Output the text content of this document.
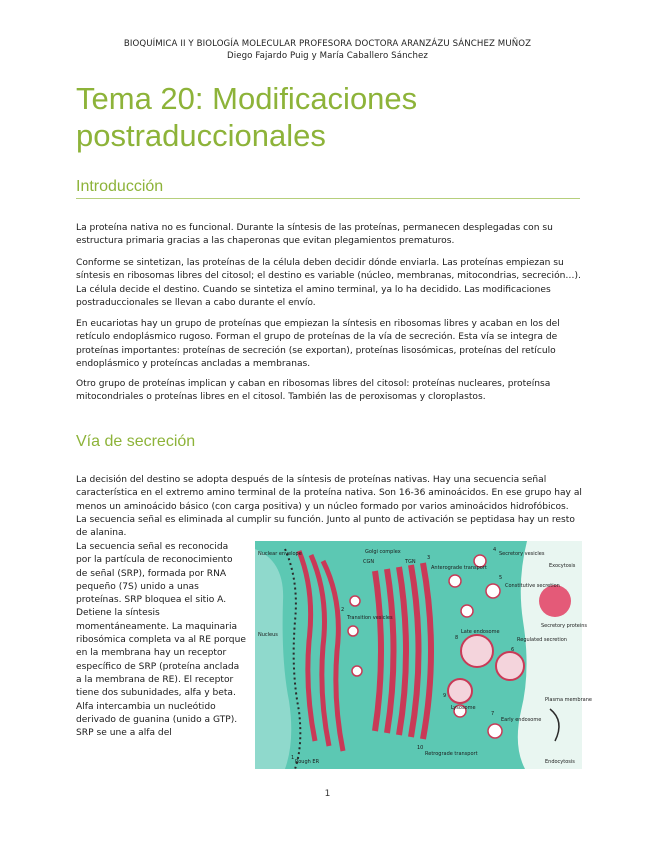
BIOQUÍMICA II Y BIOLOGÍA MOLECULAR PROFESORA DOCTORA ARANZÁZU SÁNCHEZ MUÑOZ
Diego Fajardo Puig y María Caballero Sánchez
Tema 20: Modificaciones postraduccionales
Introducción

La proteína nativa no es funcional. Durante la síntesis de las proteínas, permanecen desplegadas con su estructura primaria gracias a las chaperonas que evitan plegamientos prematuros.

Conforme se sintetizan, las proteínas de la célula deben decidir dónde enviarla. Las proteínas empiezan su síntesis en ribosomas libres del citosol; el destino es variable (núcleo, membranas, mitocondrias, secreción…). La célula decide el destino. Cuando se sintetiza el amino terminal, ya lo ha decidido. Las modificaciones postraduccionales se llevan a cabo durante el envío.

En eucariotas hay un grupo de proteínas que empiezan la síntesis en ribosomas libres y acaban en los del retículo endoplásmico rugoso. Forman el grupo de proteínas de la vía de secreción. Esta vía se integra de proteínas importantes: proteínas de secreción (se exportan), proteínas lisosómicas, proteínas del retículo endoplásmico y proteíncas ancladas a membranas.

Otro grupo de proteínas implican y caban en ribosomas libres del citosol: proteínas nucleares, proteínsa mitocondriales o proteínas libres en el citosol. También las de peroxisomas y cloroplastos.

Vía de secreción

La decisión del destino se adopta después de la síntesis de proteínas nativas. Hay una secuencia señal característica en el extremo amino terminal de la proteína nativa. Son 16-36 aminoácidos. En ese grupo hay al menos un aminoácido básico (con carga positiva) y un núcleo formado por varios aminoácidos hidrofóbicos. La secuencia señal es eliminada al cumplir su función. Junto al punto de activación se peptidasa hay un resto de alanina.

La secuencia señal es reconocida por la partícula de reconocimiento de señal (SRP), formada por RNA pequeño (7S) unido a unas proteínas. SRP bloquea el sitio A. Detiene la síntesis momentáneamente. La maquinaria ribosómica completa va al RE porque en la membrana hay un receptor específico de SRP (proteína anclada a la membrana de RE). El receptor tiene dos subunidades, alfa y beta. Alfa intercambia un nucleótido derivado de guanina (unido a GTP). SRP se une a alfa del

Nuclear envelope
Nucleus
Golgi complex
CGN	TGN
Anterograde transport
Transition vesicles
Secretory vesicles
Constitutive secretion
Exocytosis
Regulated secretion
Secretory proteins
Late endosome
Lysosome
Early endosome
Retrograde transport
Rough ER
Plasma membrane
Endocytosis
1
2
3
4
5
6
7
8
9
10
1
